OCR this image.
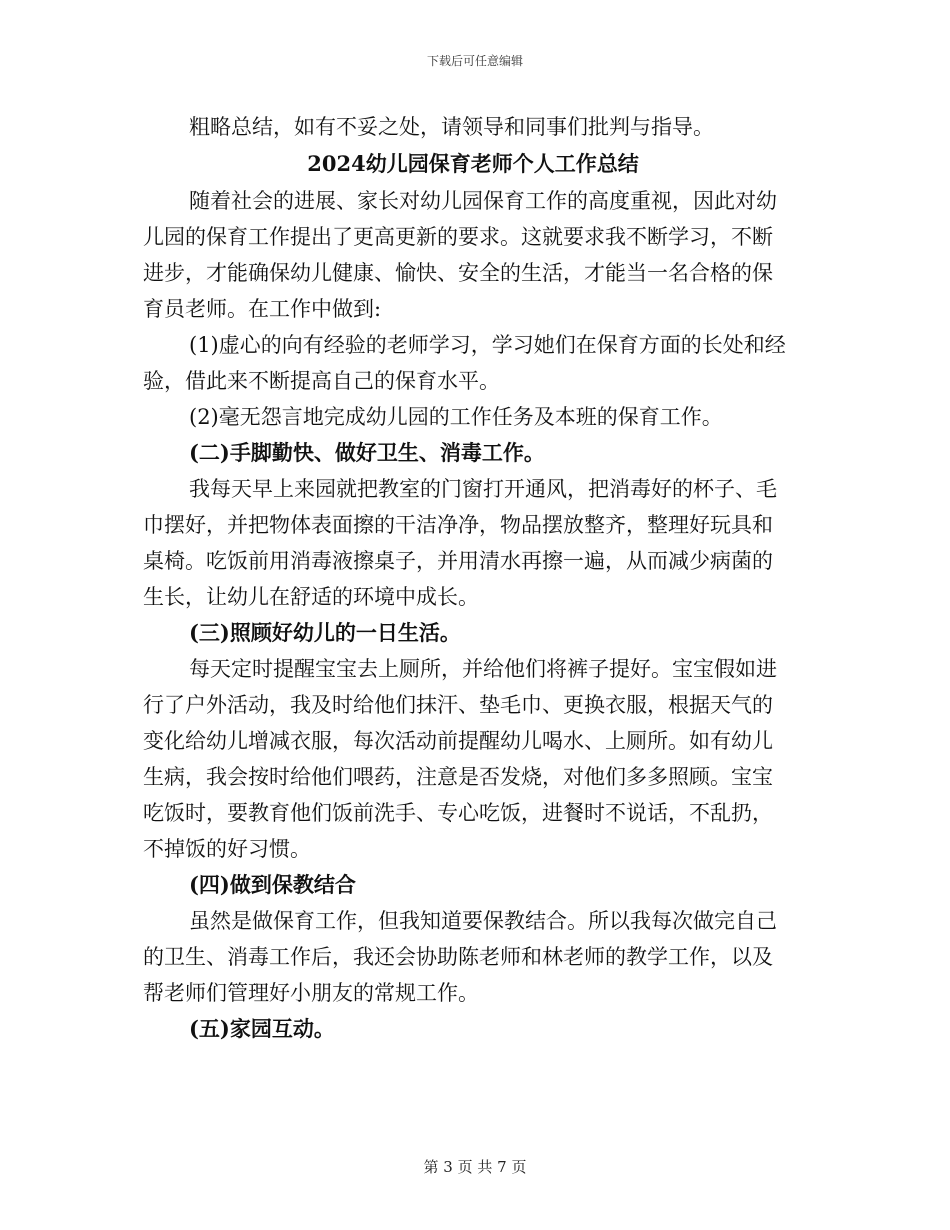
下载后可任意编辑
粗略总结，如有不妥之处，请领导和同事们批判与指导。
2024幼儿园保育老师个人工作总结
随着社会的进展、家长对幼儿园保育工作的高度重视，因此对幼
儿园的保育工作提出了更高更新的要求。这就要求我不断学习，不断
进步，才能确保幼儿健康、愉快、安全的生活，才能当一名合格的保
育员老师。在工作中做到:
(1)虚心的向有经验的老师学习，学习她们在保育方面的长处和经
验，借此来不断提高自己的保育水平。
(2)毫无怨言地完成幼儿园的工作任务及本班的保育工作。
(二)手脚勤快、做好卫生、消毒工作。
我每天早上来园就把教室的门窗打开通风，把消毒好的杯子、毛
巾摆好，并把物体表面擦的干洁净净，物品摆放整齐，整理好玩具和
桌椅。吃饭前用消毒液擦桌子，并用清水再擦一遍，从而减少病菌的
生长，让幼儿在舒适的环境中成长。
(三)照顾好幼儿的一日生活。
每天定时提醒宝宝去上厕所，并给他们将裤子提好。宝宝假如进
行了户外活动，我及时给他们抹汗、垫毛巾、更换衣服，根据天气的
变化给幼儿增减衣服，每次活动前提醒幼儿喝水、上厕所。如有幼儿
生病，我会按时给他们喂药，注意是否发烧，对他们多多照顾。宝宝
吃饭时，要教育他们饭前洗手、专心吃饭，进餐时不说话，不乱扔，
不掉饭的好习惯。
(四)做到保教结合
虽然是做保育工作，但我知道要保教结合。所以我每次做完自己
的卫生、消毒工作后，我还会协助陈老师和林老师的教学工作，以及
帮老师们管理好小朋友的常规工作。
(五)家园互动。
第 3 页 共 7 页
